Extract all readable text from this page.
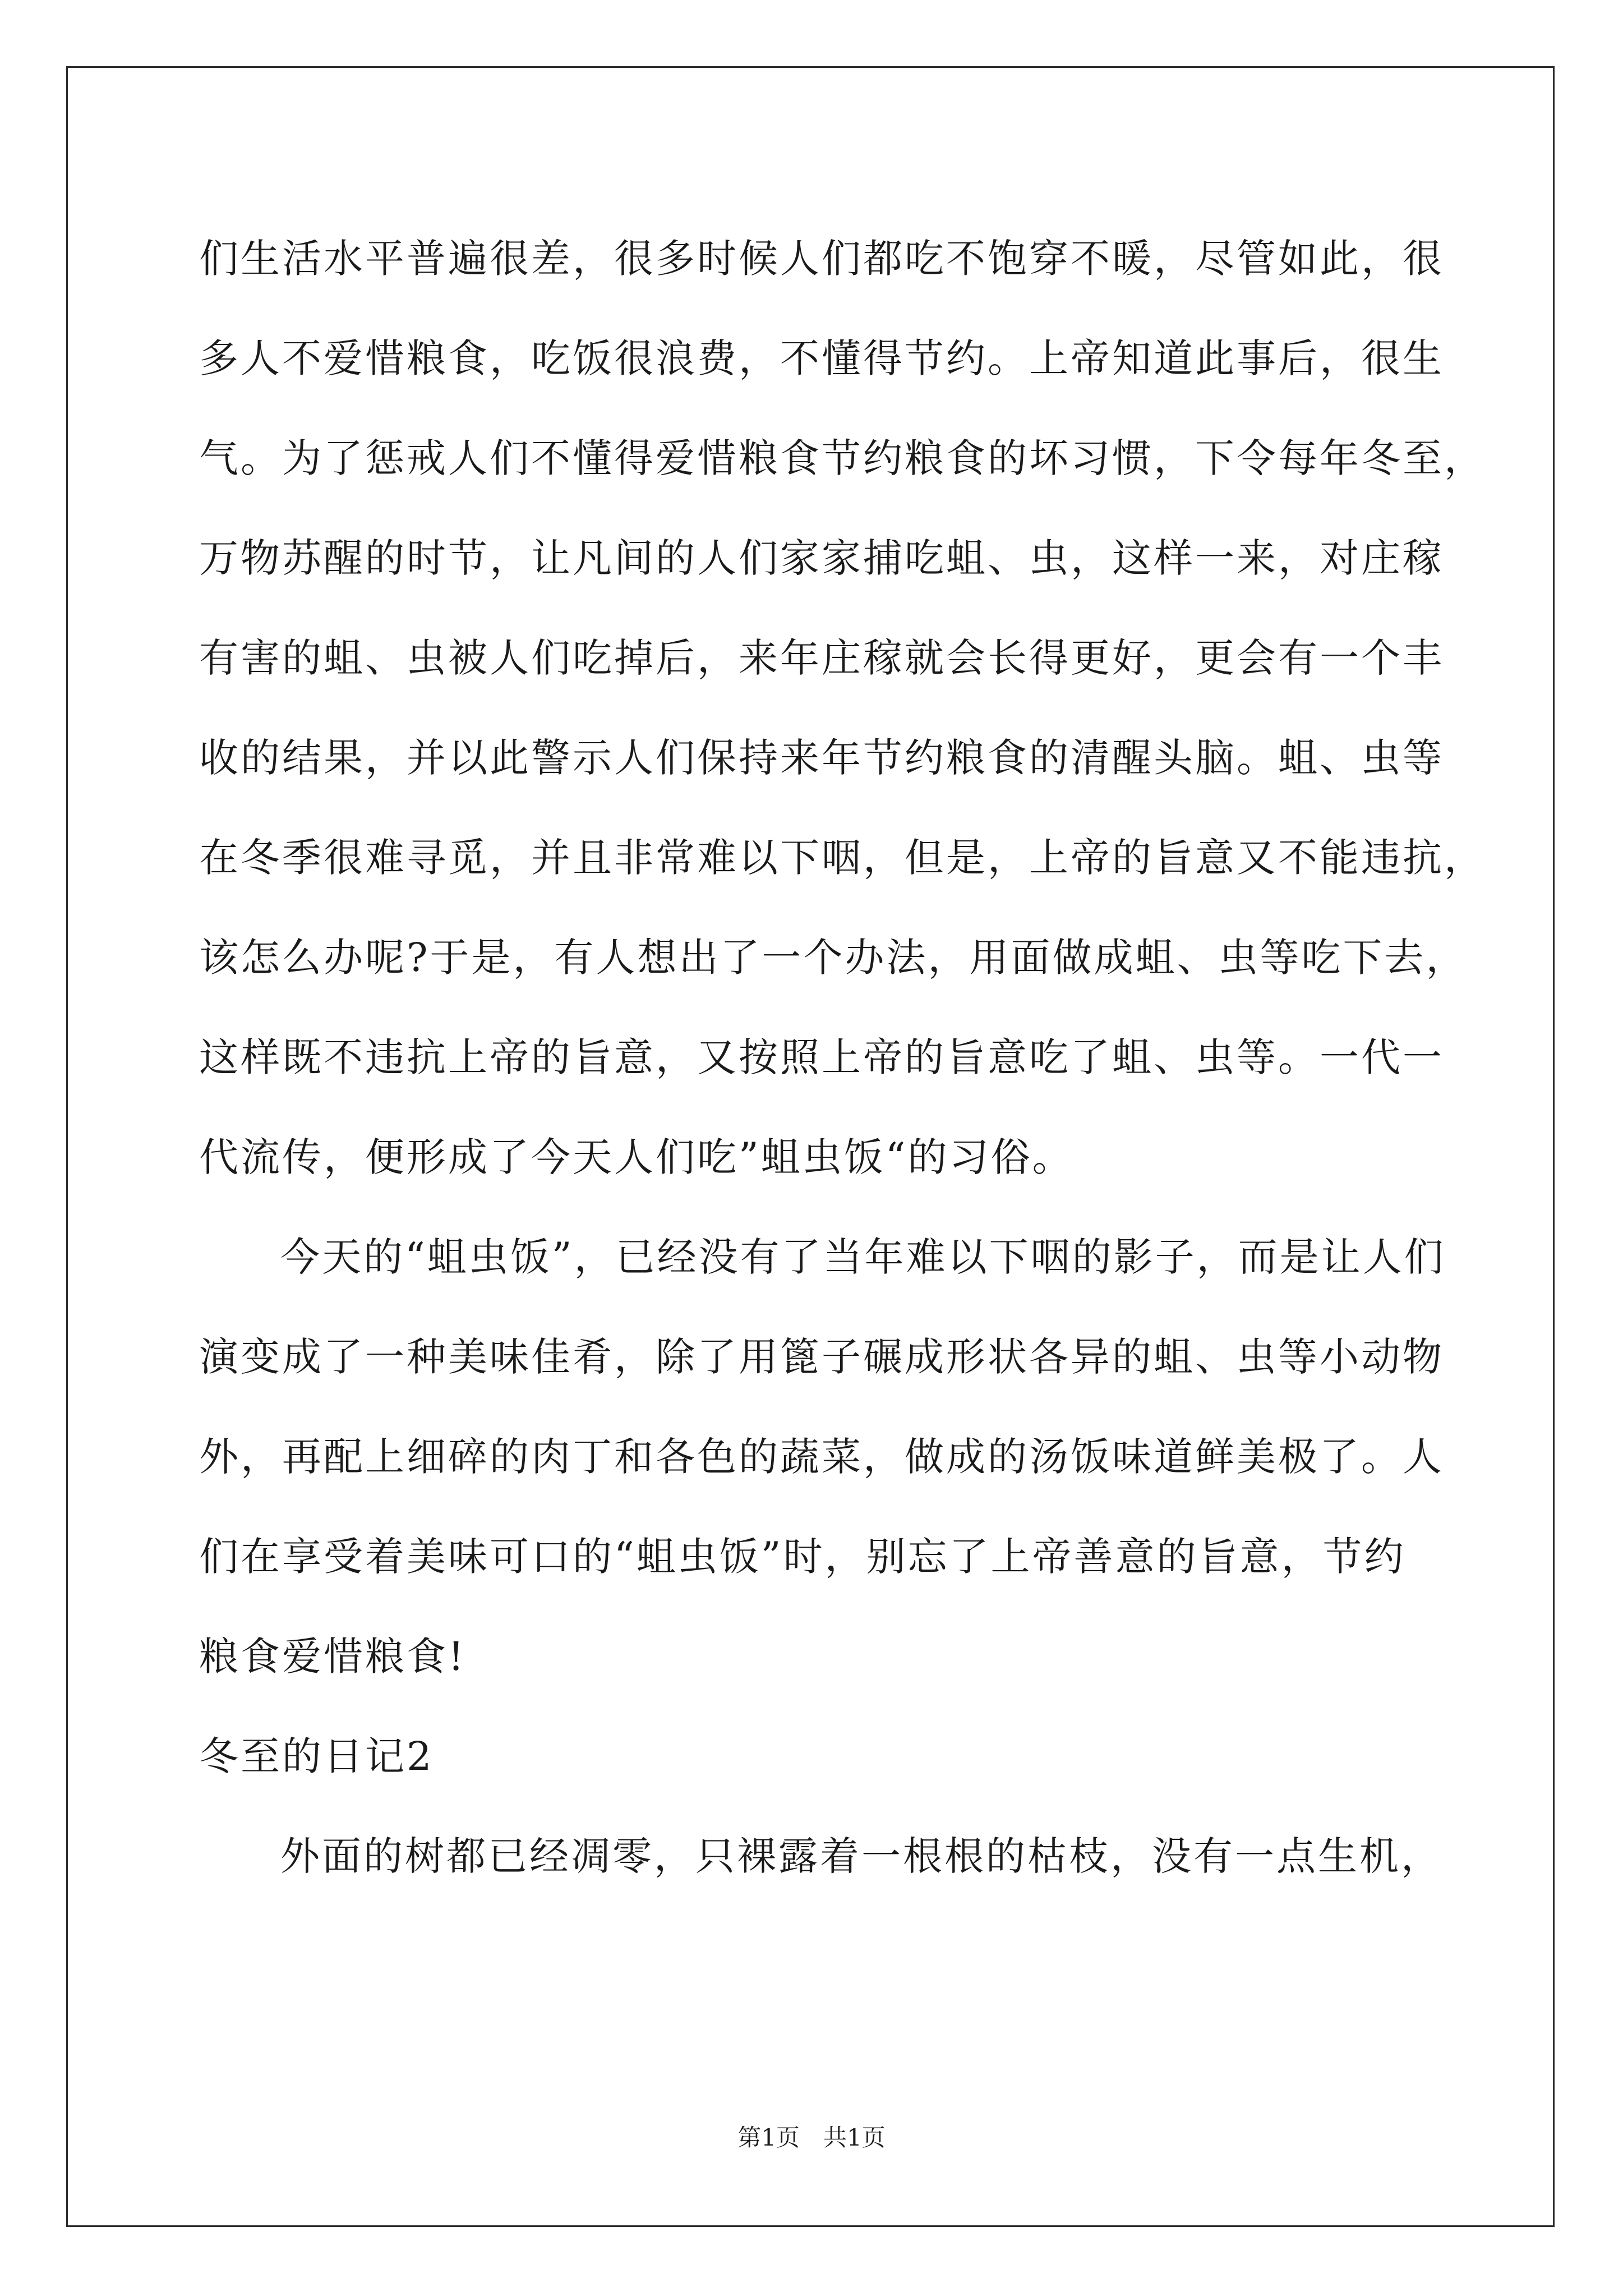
们生活水平普遍很差，很多时候人们都吃不饱穿不暖，尽管如此，很
多人不爱惜粮食，吃饭很浪费，不懂得节约。上帝知道此事后，很生
气。为了惩戒人们不懂得爱惜粮食节约粮食的坏习惯，下令每年冬至，
万物苏醒的时节，让凡间的人们家家捕吃蛆、虫，这样一来，对庄稼
有害的蛆、虫被人们吃掉后，来年庄稼就会长得更好，更会有一个丰
收的结果，并以此警示人们保持来年节约粮食的清醒头脑。蛆、虫等
在冬季很难寻觅，并且非常难以下咽，但是，上帝的旨意又不能违抗，
该怎么办呢?于是，有人想出了一个办法，用面做成蛆、虫等吃下去，
这样既不违抗上帝的旨意，又按照上帝的旨意吃了蛆、虫等。一代一
代流传，便形成了今天人们吃”蛆虫饭“的习俗。
今天的“蛆虫饭”，已经没有了当年难以下咽的影子，而是让人们
演变成了一种美味佳肴，除了用篦子碾成形状各异的蛆、虫等小动物
外，再配上细碎的肉丁和各色的蔬菜，做成的汤饭味道鲜美极了。人
们在享受着美味可口的“蛆虫饭”时，别忘了上帝善意的旨意，节约
粮食爱惜粮食!
冬至的日记2
外面的树都已经凋零，只裸露着一根根的枯枝，没有一点生机，
第1页　共1页
